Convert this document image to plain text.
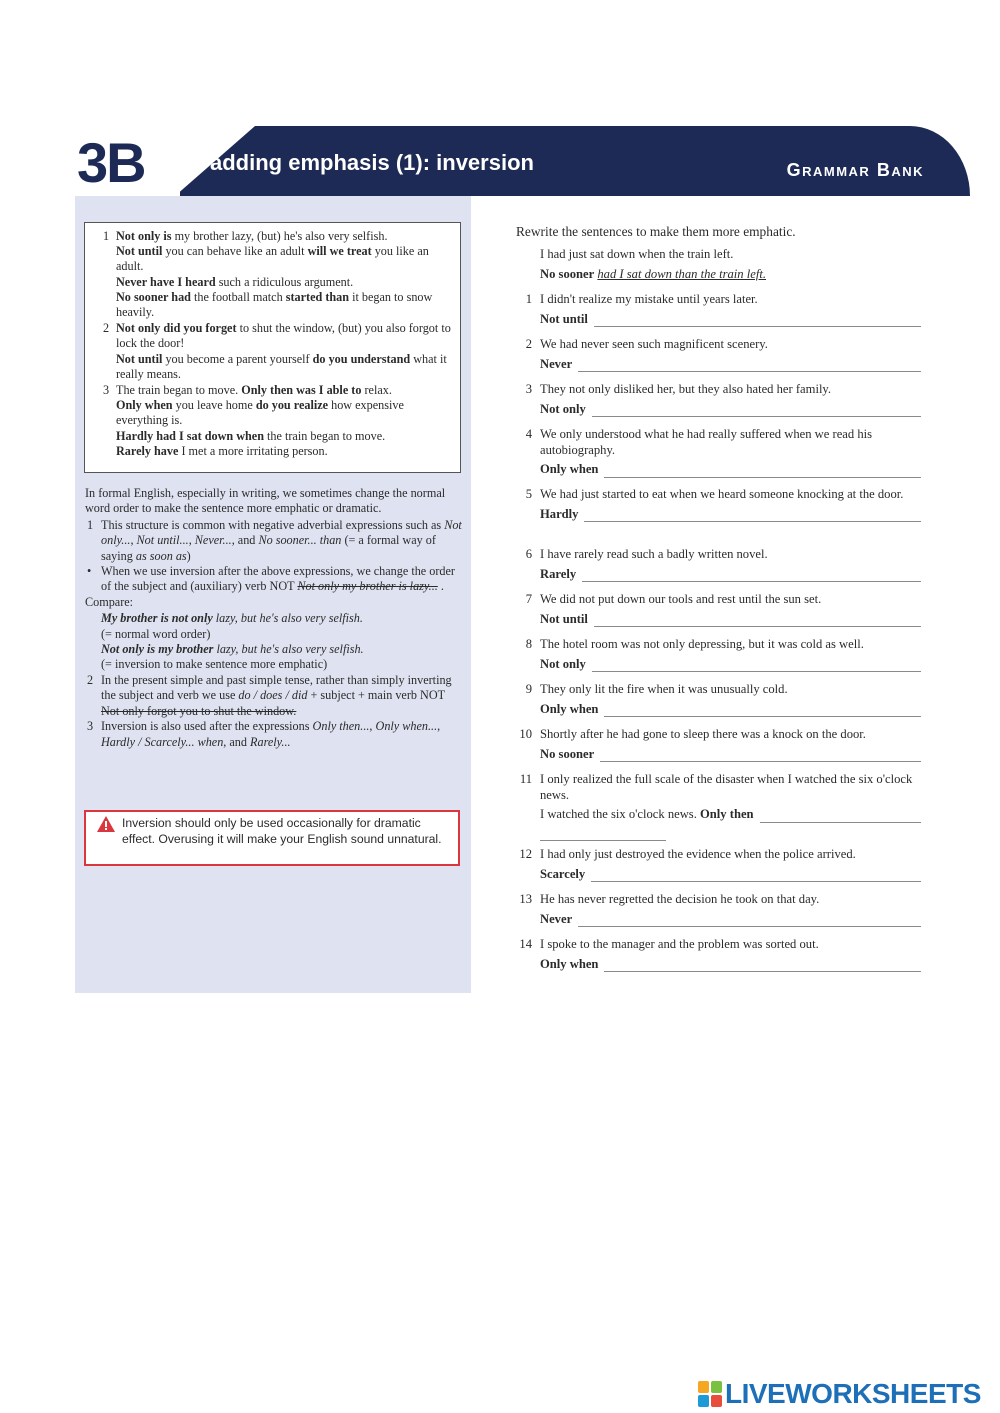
3B	adding emphasis (1): inversion	Grammar Bank
1 Not only is my brother lazy, (but) he's also very selfish.
Not until you can behave like an adult will we treat you like an adult.
Never have I heard such a ridiculous argument.
No sooner had the football match started than it began to snow heavily.
2 Not only did you forget to shut the window, (but) you also forgot to lock the door!
Not until you become a parent yourself do you understand what it really means.
3 The train began to move. Only then was I able to relax.
Only when you leave home do you realize how expensive everything is.
Hardly had I sat down when the train began to move.
Rarely have I met a more irritating person.

In formal English, especially in writing, we sometimes change the normal word order to make the sentence more emphatic or dramatic.

1 This structure is common with negative adverbial expressions such as Not only..., Not until..., Never..., and No sooner... than (= a formal way of saying as soon as)
• When we use inversion after the above expressions, we change the order of the subject and (auxiliary) verb NOT Not only my brother is lazy... .

Compare:

My brother is not only lazy, but he's also very selfish.
(= normal word order)
Not only is my brother lazy, but he's also very selfish.
(= inversion to make sentence more emphatic)
2 In the present simple and past simple tense, rather than simply inverting the subject and verb we use do / does / did + subject + main verb NOT Not only forgot you to shut the window.
3 Inversion is also used after the expressions Only then..., Only when..., Hardly / Scarcely... when, and Rarely...
Inversion should only be used occasionally for dramatic effect. Overusing it will make your English sound unnatural.
Rewrite the sentences to make them more emphatic.
I had just sat down when the train left.
No sooner had I sat down than the train left.
1 I didn't realize my mistake until years later.
Not until
2 We had never seen such magnificent scenery.
Never
3 They not only disliked her, but they also hated her family.
Not only
4 We only understood what he had really suffered when we read his autobiography.
Only when
5 We had just started to eat when we heard someone knocking at the door.
Hardly
6 I have rarely read such a badly written novel.
Rarely
7 We did not put down our tools and rest until the sun set.
Not until
8 The hotel room was not only depressing, but it was cold as well.
Not only
9 They only lit the fire when it was unusually cold.
Only when
10 Shortly after he had gone to sleep there was a knock on the door.
No sooner
11 I only realized the full scale of the disaster when I watched the six o'clock news.
I watched the six o'clock news. Only then
12 I had only just destroyed the evidence when the police arrived.
Scarcely
13 He has never regretted the decision he took on that day.
Never
14 I spoke to the manager and the problem was sorted out.
Only when
LIVEWORKSHEETS
